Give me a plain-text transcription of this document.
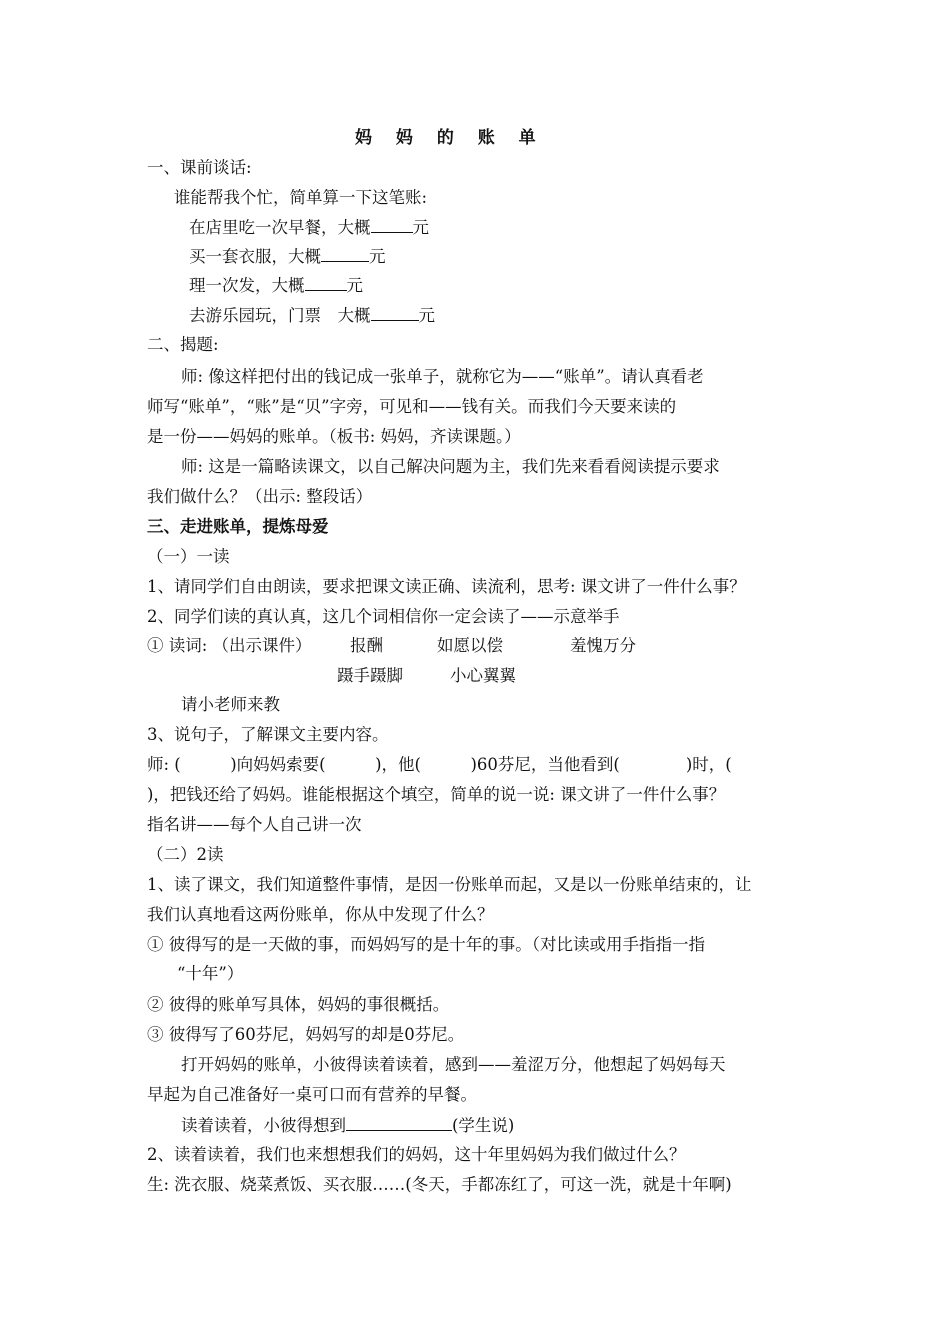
妈 妈 的 账 单
一、课前谈话:
谁能帮我个忙，简单算一下这笔账:
在店里吃一次早餐，大概	元
买一套衣服，大概	元
理一次发，大概	元
去游乐园玩，门票　大概	元
二、揭题:
师: 像这样把付出的钱记成一张单子，就称它为——“账单”。请认真看老
师写“账单”，“账”是“贝”字旁，可见和——钱有关。而我们今天要来读的
是一份——妈妈的账单。（板书: 妈妈，齐读课题。）
师: 这是一篇略读课文，以自己解决问题为主，我们先来看看阅读提示要求
我们做什么？（出示: 整段话）
三、走进账单，提炼母爱
（一）一读
1、请同学们自由朗读，要求把课文读正确、读流利，思考: 课文讲了一件什么事？
2、同学们读的真认真，这几个词相信你一定会读了——示意举手
① 读词: （出示课件） 报酬	如愿以偿	羞愧万分
蹑手蹑脚	小心翼翼
请小老师来教
3、说句子，了解课文主要内容。
师: (　　　)向妈妈索要(　　　)，他(　　　)60芬尼，当他看到(　　　　)时，(
)，把钱还给了妈妈。谁能根据这个填空，简单的说一说: 课文讲了一件什么事？
指名讲——每个人自己讲一次
（二）2读
1、读了课文，我们知道整件事情，是因一份账单而起，又是以一份账单结束的，让
我们认真地看这两份账单，你从中发现了什么？
① 彼得写的是一天做的事，而妈妈写的是十年的事。（对比读或用手指指一指
“十年”）
② 彼得的账单写具体，妈妈的事很概括。
③ 彼得写了60芬尼，妈妈写的却是0芬尼。
打开妈妈的账单，小彼得读着读着，感到——羞涩万分，他想起了妈妈每天
早起为自己准备好一桌可口而有营养的早餐。
读着读着，小彼得想到	(学生说)
2、读着读着，我们也来想想我们的妈妈，这十年里妈妈为我们做过什么？
生: 洗衣服、烧菜煮饭、买衣服……(冬天，手都冻红了，可这一洗，就是十年啊)
